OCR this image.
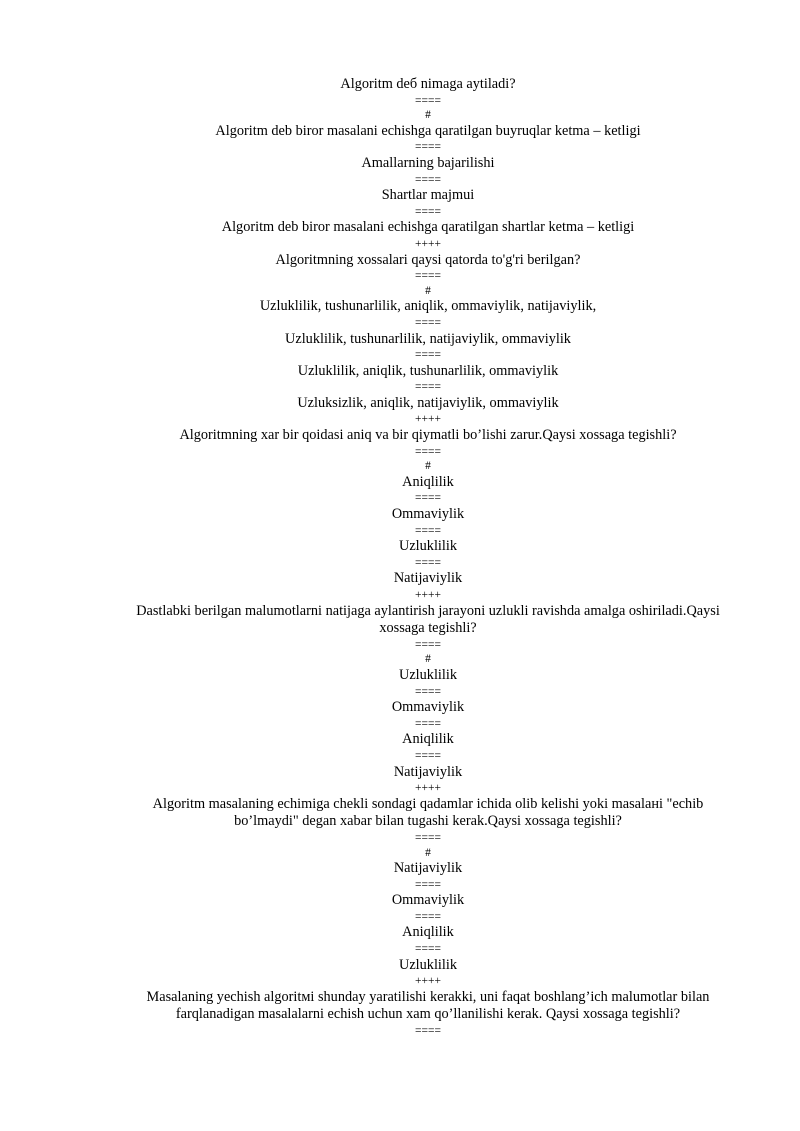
Algoritm deб nimaga aytiladi?
====
#
Algoritm deb biror masalani echishga qaratilgan buyruqlar ketma – ketligi
====
Amallarning bajarilishi
====
Shartlar majmui
====
Algoritm deb biror masalani echishga qaratilgan shartlar ketma – ketligi
++++
Algoritmning xossalari qaysi qatorda to'g'ri berilgan?
====
#
Uzluklilik, tushunarlilik, aniqlik, ommaviylik, natijaviylik,
====
Uzluklilik, tushunarlilik, natijaviylik, ommaviylik
====
Uzluklilik, aniqlik, tushunarlilik, ommaviylik
====
Uzluksizlik, aniqlik, natijaviylik, ommaviylik
++++
Algoritmning xar bir qoidasi aniq va bir qiymatli bo’lishi zarur.Qaysi xossaga tegishli?
====
#
Aniqlilik
====
Ommaviylik
====
Uzluklilik
====
Natijaviylik
++++
Dastlabki berilgan malumotlarni natijaga aylantirish jarayoni uzlukli ravishda amalga oshiriladi.Qaysi
xossaga tegishli?
====
#
Uzluklilik
====
Ommaviylik
====
Aniqlilik
====
Natijaviylik
++++
Algoritm masalaning echimiga chekli sondagi qadamlar ichida olib kelishi yoki masalaнi "echib
bo’lmaydi" degan xabar bilan tugashi kerak.Qaysi xossaga tegishli?
====
#
Natijaviylik
====
Ommaviylik
====
Aniqlilik
====
Uzluklilik
++++
Masalaning yechish algoritмi shunday yaratilishi kerakki, uni faqat boshlang’ich malumotlar bilan
farqlanadigan masalalarni echish uchun xam qo’llanilishi kerak. Qaysi xossaga tegishli?
====
